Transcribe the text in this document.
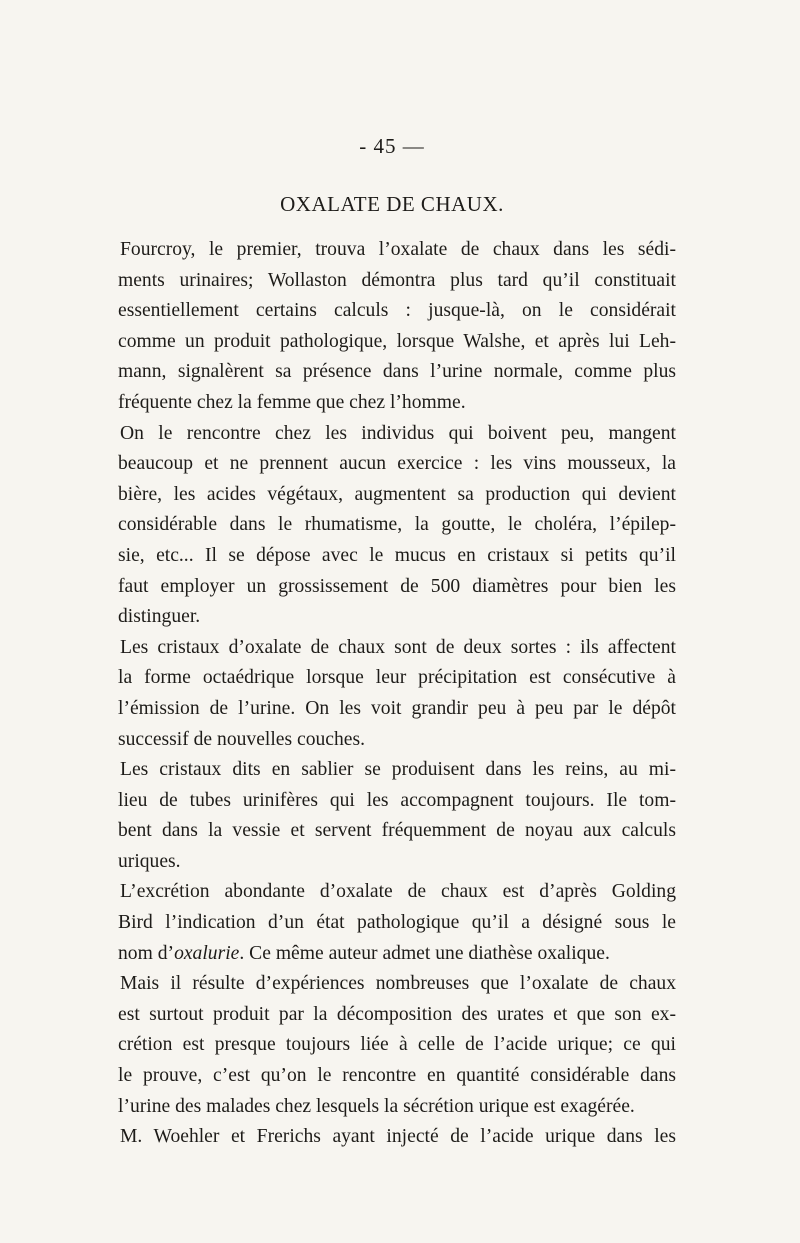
- 45 —

OXALATE DE CHAUX.

Fourcroy, le premier, trouva l’oxalate de chaux dans les sédi-
ments urinaires; Wollaston démontra plus tard qu’il constituait
essentiellement certains calculs : jusque-là, on le considérait
comme un produit pathologique, lorsque Walshe, et après lui Leh-
mann, signalèrent sa présence dans l’urine normale, comme plus
fréquente chez la femme que chez l’homme.

On le rencontre chez les individus qui boivent peu, mangent
beaucoup et ne prennent aucun exercice : les vins mousseux, la
bière, les acides végétaux, augmentent sa production qui devient
considérable dans le rhumatisme, la goutte, le choléra, l’épilep-
sie, etc... Il se dépose avec le mucus en cristaux si petits qu’il
faut employer un grossissement de 500 diamètres pour bien les
distinguer.

Les cristaux d’oxalate de chaux sont de deux sortes : ils affectent
la forme octaédrique lorsque leur précipitation est consécutive à
l’émission de l’urine. On les voit grandir peu à peu par le dépôt
successif de nouvelles couches.

Les cristaux dits en sablier se produisent dans les reins, au mi-
lieu de tubes urinifères qui les accompagnent toujours. Ile tom-
bent dans la vessie et servent fréquemment de noyau aux calculs
uriques.

L’excrétion abondante d’oxalate de chaux est d’après Golding
Bird l’indication d’un état pathologique qu’il a désigné sous le
nom d’oxalurie. Ce même auteur admet une diathèse oxalique.

Mais il résulte d’expériences nombreuses que l’oxalate de chaux
est surtout produit par la décomposition des urates et que son ex-
crétion est presque toujours liée à celle de l’acide urique; ce qui
le prouve, c’est qu’on le rencontre en quantité considérable dans
l’urine des malades chez lesquels la sécrétion urique est exagérée.

M. Woehler et Frerichs ayant injecté de l’acide urique dans les
